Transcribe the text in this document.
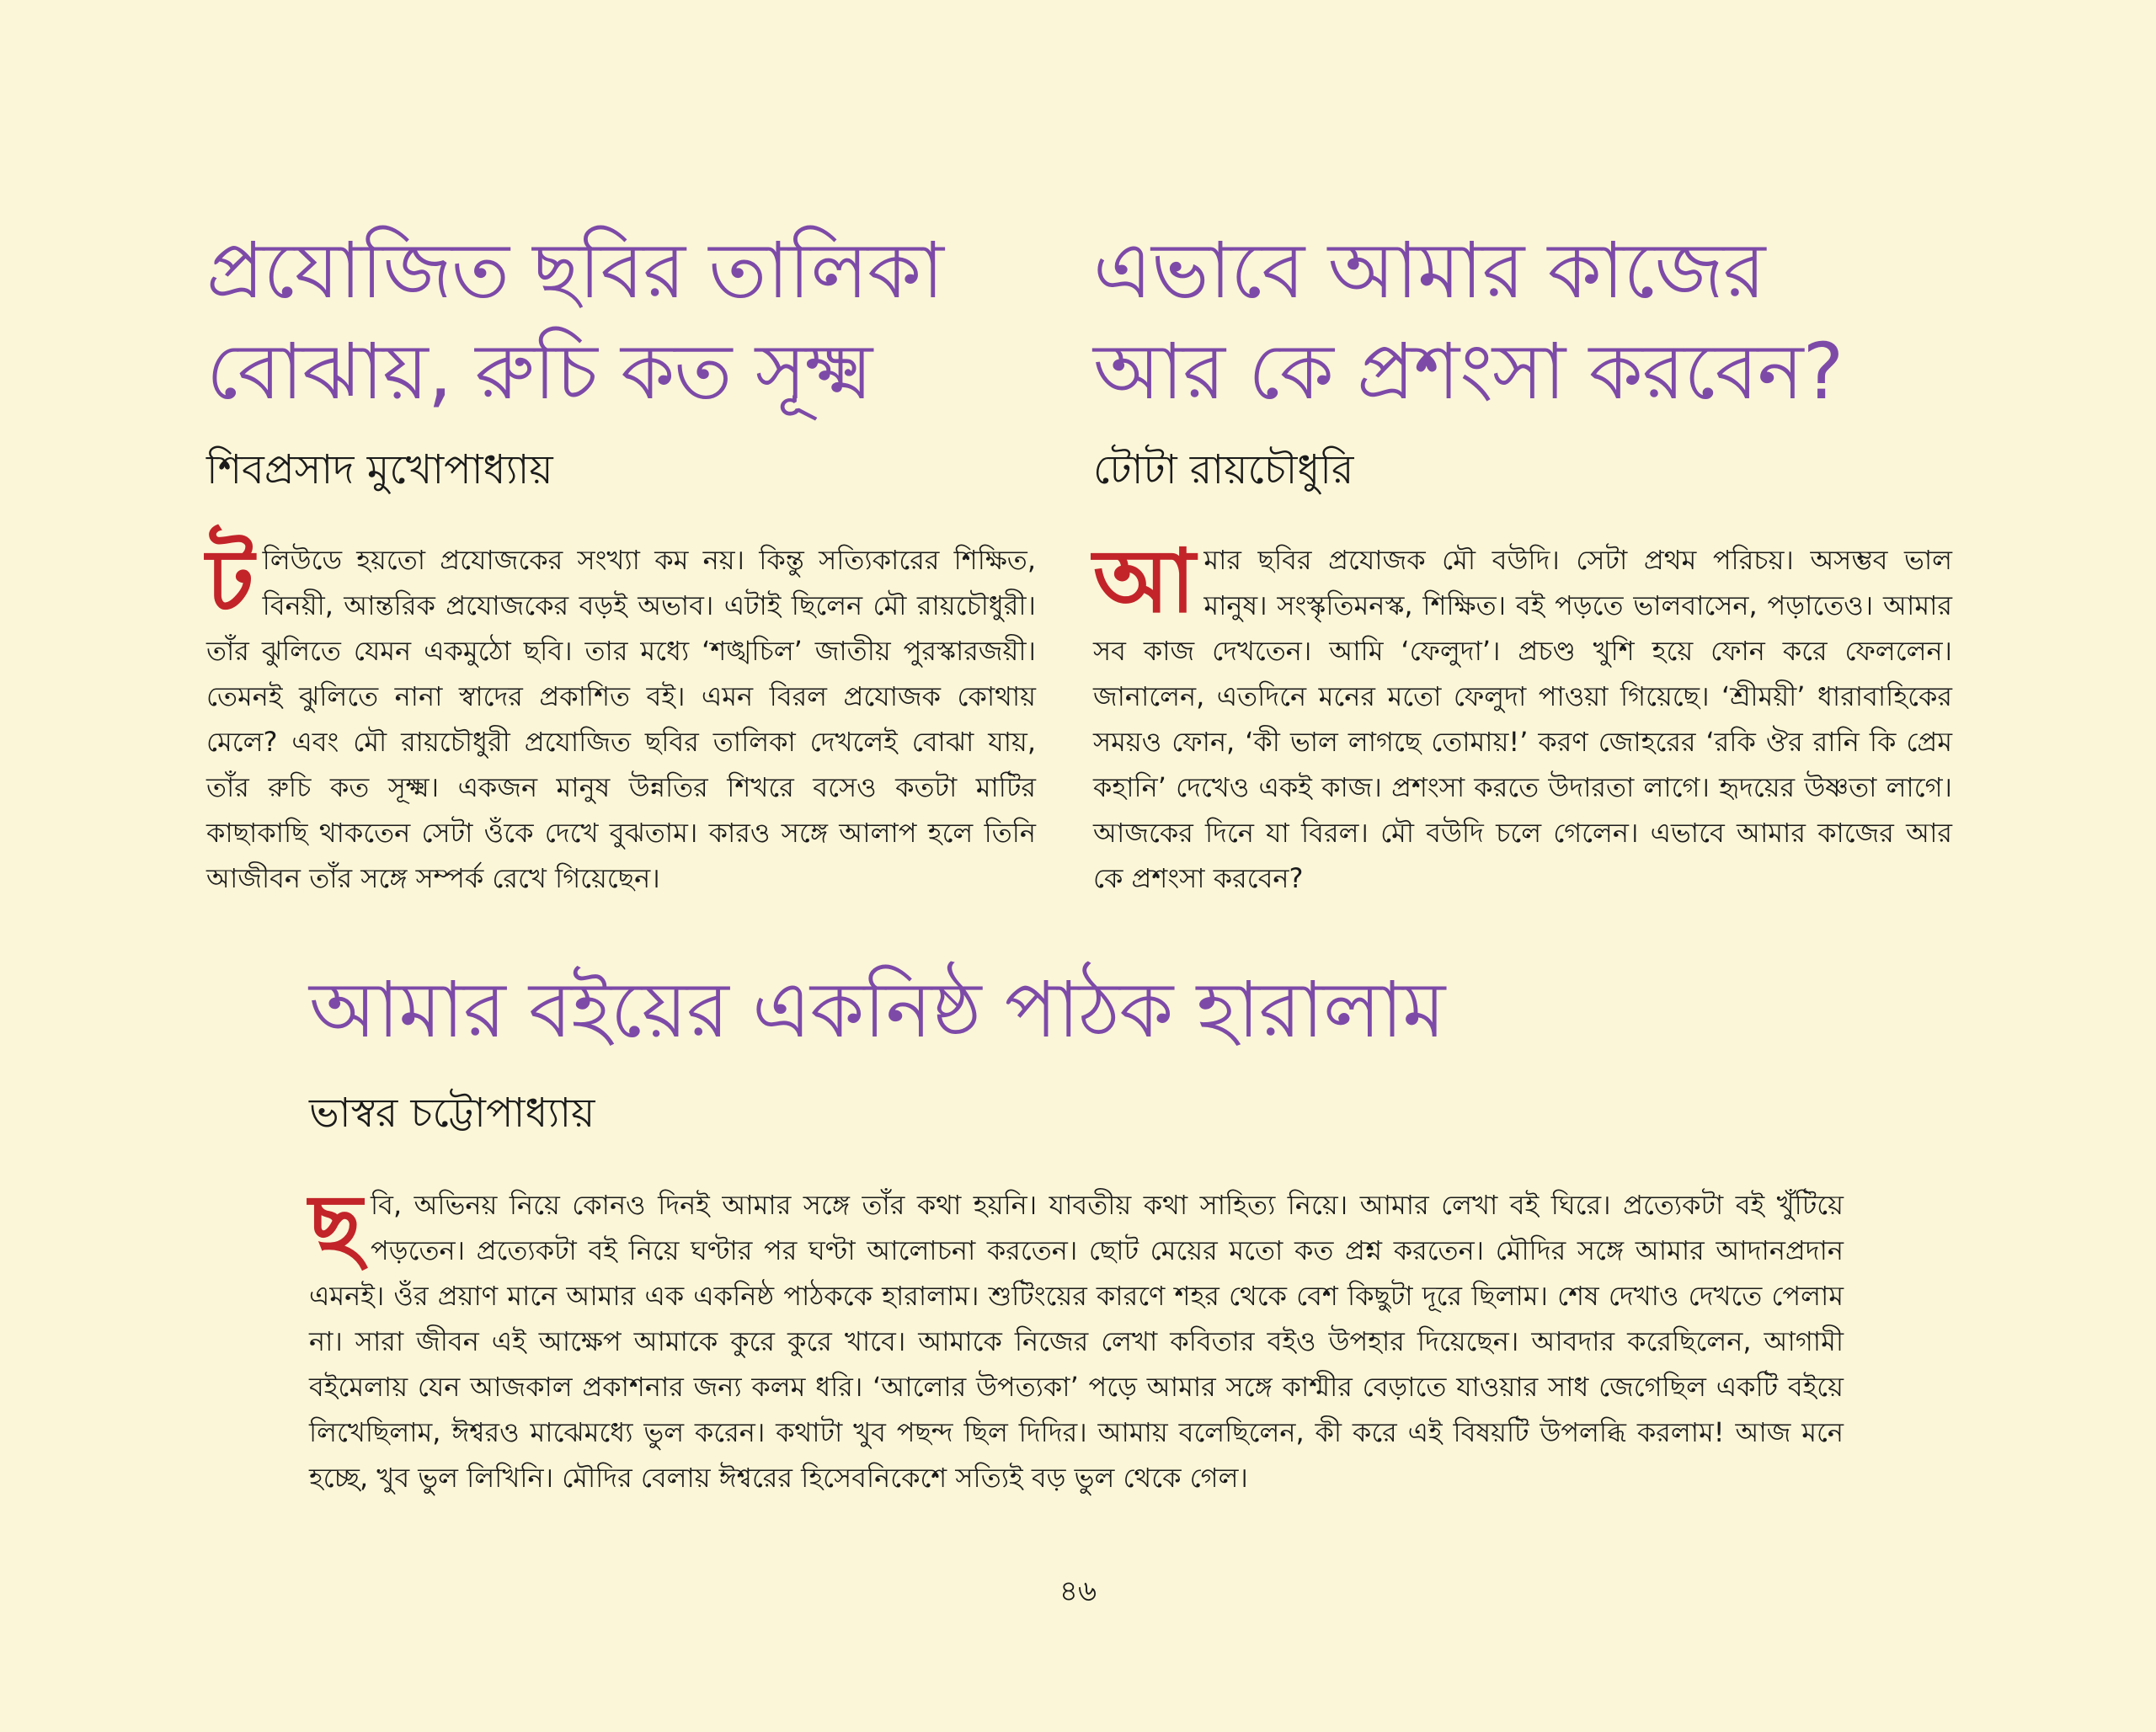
প্রযোজিত ছবির তালিকা
বোঝায়, রুচি কত সূক্ষ্ম
শিবপ্রসাদ মুখোপাধ্যায়

টলিউডে হয়তো প্রযোজকের সংখ্যা কম নয়। কিন্তু সত্যিকারের শিক্ষিত, বিনয়ী, আন্তরিক প্রযোজকের বড়ই অভাব। এটাই ছিলেন মৌ রায়চৌধুরী। তাঁর ঝুলিতে যেমন একমুঠো ছবি। তার মধ্যে ‘শঙ্খচিল’ জাতীয় পুরস্কারজয়ী। তেমনই ঝুলিতে নানা স্বাদের প্রকাশিত বই। এমন বিরল প্রযোজক কোথায় মেলে? এবং মৌ রায়চৌধুরী প্রযোজিত ছবির তালিকা দেখলেই বোঝা যায়, তাঁর রুচি কত সূক্ষ্ম। একজন মানুষ উন্নতির শিখরে বসেও কতটা মাটির কাছাকাছি থাকতেন সেটা ওঁকে দেখে বুঝতাম। কারও সঙ্গে আলাপ হলে তিনি আজীবন তাঁর সঙ্গে সম্পর্ক রেখে গিয়েছেন।

এভাবে আমার কাজের
আর কে প্রশংসা করবেন?
টোটা রায়চৌধুরি

আমার ছবির প্রযোজক মৌ বউদি। সেটা প্রথম পরিচয়। অসম্ভব ভাল মানুষ। সংস্কৃতিমনস্ক, শিক্ষিত। বই পড়তে ভালবাসেন, পড়াতেও। আমার সব কাজ দেখতেন। আমি ‘ফেলুদা’। প্রচণ্ড খুশি হয়ে ফোন করে ফেললেন। জানালেন, এতদিনে মনের মতো ফেলুদা পাওয়া গিয়েছে। ‘শ্রীময়ী’ ধারাবাহিকের সময়ও ফোন, ‘কী ভাল লাগছে তোমায়!’ করণ জোহরের ‘রকি ঔর রানি কি প্রেম কহানি’ দেখেও একই কাজ। প্রশংসা করতে উদারতা লাগে। হৃদয়ের উষ্ণতা লাগে। আজকের দিনে যা বিরল। মৌ বউদি চলে গেলেন। এভাবে আমার কাজের আর কে প্রশংসা করবেন?

আমার বইয়ের একনিষ্ঠ পাঠক হারালাম
ভাস্বর চট্টোপাধ্যায়

ছবি, অভিনয় নিয়ে কোনও দিনই আমার সঙ্গে তাঁর কথা হয়নি। যাবতীয় কথা সাহিত্য নিয়ে। আমার লেখা বই ঘিরে। প্রত্যেকটা বই খুঁটিয়ে পড়তেন। প্রত্যেকটা বই নিয়ে ঘণ্টার পর ঘণ্টা আলোচনা করতেন। ছোট মেয়ের মতো কত প্রশ্ন করতেন। মৌদির সঙ্গে আমার আদানপ্রদান এমনই। ওঁর প্রয়াণ মানে আমার এক একনিষ্ঠ পাঠককে হারালাম। শুটিংয়ের কারণে শহর থেকে বেশ কিছুটা দূরে ছিলাম। শেষ দেখাও দেখতে পেলাম না। সারা জীবন এই আক্ষেপ আমাকে কুরে কুরে খাবে। আমাকে নিজের লেখা কবিতার বইও উপহার দিয়েছেন। আবদার করেছিলেন, আগামী বইমেলায় যেন আজকাল প্রকাশনার জন্য কলম ধরি। ‘আলোর উপত্যকা’ পড়ে আমার সঙ্গে কাশ্মীর বেড়াতে যাওয়ার সাধ জেগেছিল একটি বইয়ে লিখেছিলাম, ঈশ্বরও মাঝেমধ্যে ভুল করেন। কথাটা খুব পছন্দ ছিল দিদির। আমায় বলেছিলেন, কী করে এই বিষয়টি উপলব্ধি করলাম! আজ মনে হচ্ছে, খুব ভুল লিখিনি। মৌদির বেলায় ঈশ্বরের হিসেবনিকেশে সত্যিই বড় ভুল থেকে গেল।

৪৬
